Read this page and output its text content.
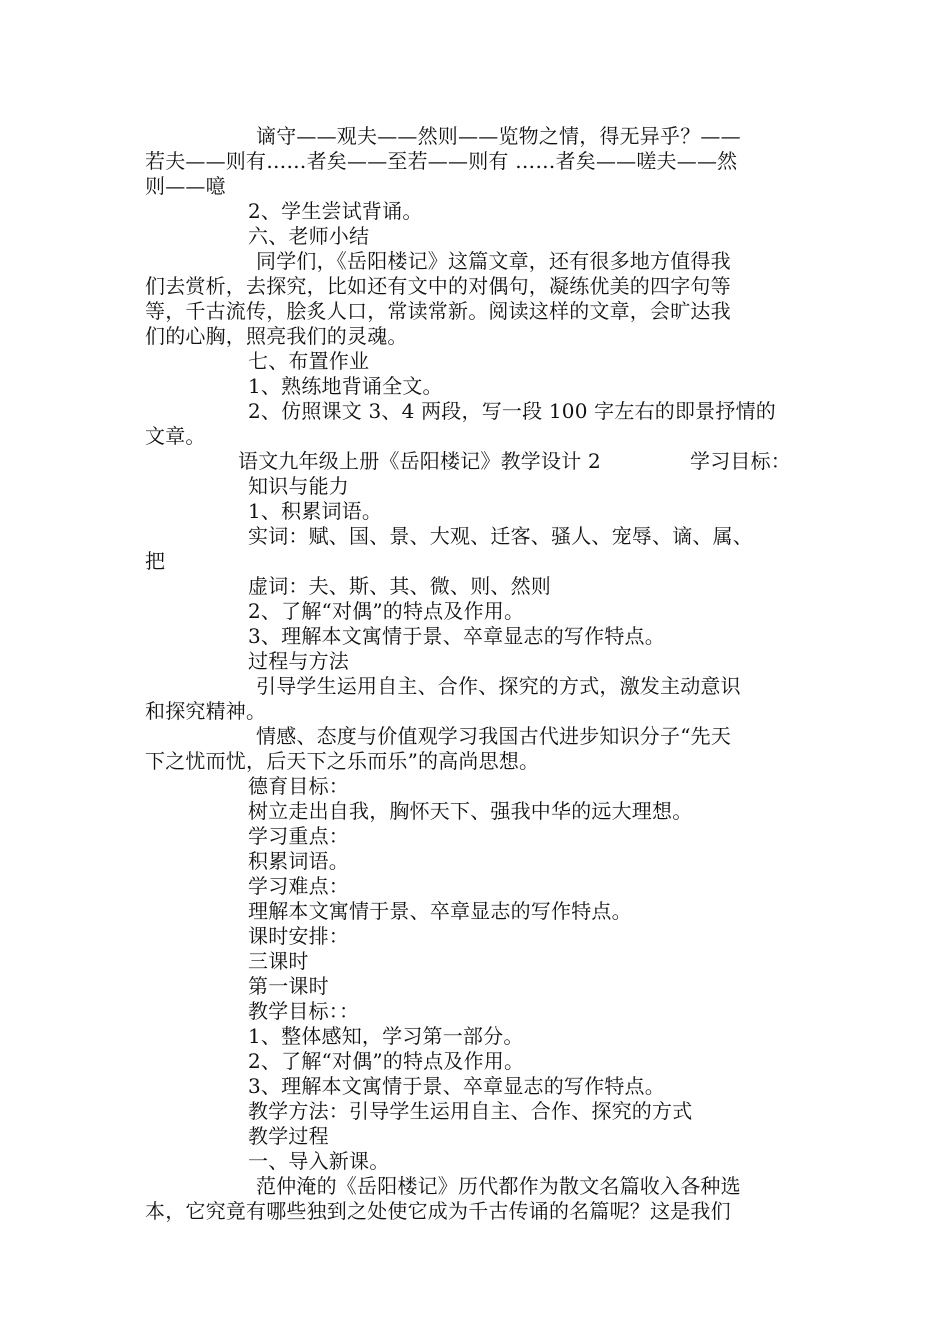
谪守——观夫——然则——览物之情，得无异乎？——
若夫——则有……者矣——至若——则有 ……者矣——嗟夫——然
则——噫
2、学生尝试背诵。
六、老师小结
同学们，《岳阳楼记》这篇文章，还有很多地方值得我
们去赏析，去探究，比如还有文中的对偶句，凝练优美的四字句等
等，千古流传，脍炙人口，常读常新。阅读这样的文章，会旷达我
们的心胸，照亮我们的灵魂。
七、布置作业
1、熟练地背诵全文。
2、仿照课文 3、4 两段，写一段 100 字左右的即景抒情的
文章。
语文九年级上册《岳阳楼记》教学设计 2	学习目标：
知识与能力
1、积累词语。
实词：赋、国、景、大观、迁客、骚人、宠辱、谪、属、
把
虚词：夫、斯、其、微、则、然则
2、了解“对偶”的特点及作用。
3、理解本文寓情于景、卒章显志的写作特点。
过程与方法
引导学生运用自主、合作、探究的方式，激发主动意识
和探究精神。
情感、态度与价值观学习我国古代进步知识分子“先天
下之忧而忧，后天下之乐而乐”的高尚思想。
德育目标：
树立走出自我，胸怀天下、强我中华的远大理想。
学习重点：
积累词语。
学习难点：
理解本文寓情于景、卒章显志的写作特点。
课时安排：
三课时
第一课时
教学目标：：
1、整体感知，学习第一部分。
2、了解“对偶”的特点及作用。
3、理解本文寓情于景、卒章显志的写作特点。
教学方法：引导学生运用自主、合作、探究的方式
教学过程
一、导入新课。
范仲淹的《岳阳楼记》历代都作为散文名篇收入各种选
本，它究竟有哪些独到之处使它成为千古传诵的名篇呢？这是我们
